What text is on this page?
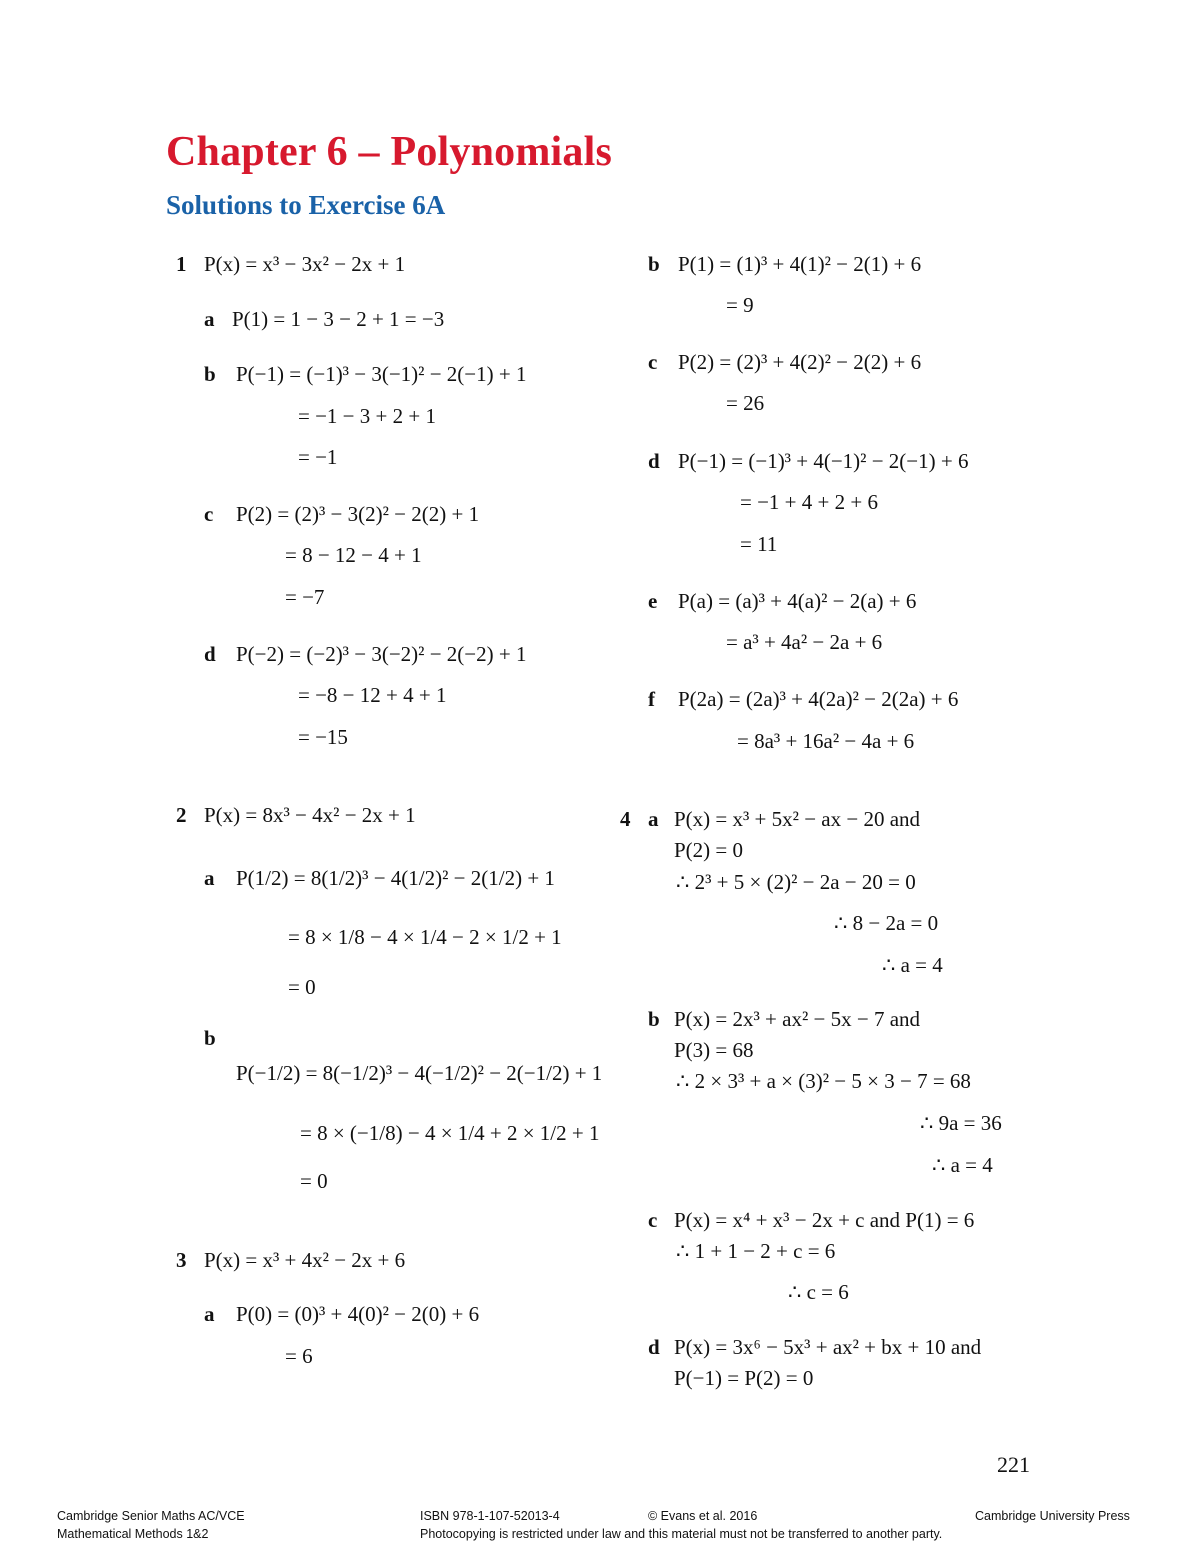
Chapter 6 – Polynomials
Solutions to Exercise 6A
1 P(x) = x³ − 3x² − 2x + 1
a P(1) = 1 − 3 − 2 + 1 = −3
b P(−1) = (−1)³ − 3(−1)² − 2(−1) + 1
= −1 − 3 + 2 + 1
= −1
c P(2) = (2)³ − 3(2)² − 2(2) + 1
= 8 − 12 − 4 + 1
= −7
d P(−2) = (−2)³ − 3(−2)² − 2(−2) + 1
= −8 − 12 + 4 + 1
= −15
2 P(x) = 8x³ − 4x² − 2x + 1
a P(1/2) = 8(1/2)³ − 4(1/2)² − 2(1/2) + 1
= 8 × 1/8 − 4 × 1/4 − 2 × 1/2 + 1
= 0
b
P(−1/2) = 8(−1/2)³ − 4(−1/2)² − 2(−1/2) + 1
= 8 × (−1/8) − 4 × 1/4 + 2 × 1/2 + 1
= 0
3 P(x) = x³ + 4x² − 2x + 6
a P(0) = (0)³ + 4(0)² − 2(0) + 6
= 6
b P(1) = (1)³ + 4(1)² − 2(1) + 6
= 9
c P(2) = (2)³ + 4(2)² − 2(2) + 6
= 26
d P(−1) = (−1)³ + 4(−1)² − 2(−1) + 6
= −1 + 4 + 2 + 6
= 11
e P(a) = (a)³ + 4(a)² − 2(a) + 6
= a³ + 4a² − 2a + 6
f P(2a) = (2a)³ + 4(2a)² − 2(2a) + 6
= 8a³ + 16a² − 4a + 6
4 a P(x) = x³ + 5x² − ax − 20 and
P(2) = 0
∴ 2³ + 5 × (2)² − 2a − 20 = 0
∴ 8 − 2a = 0
∴ a = 4
b P(x) = 2x³ + ax² − 5x − 7 and
P(3) = 68
∴ 2 × 3³ + a × (3)² − 5 × 3 − 7 = 68
∴ 9a = 36
∴ a = 4
c P(x) = x⁴ + x³ − 2x + c and P(1) = 6
∴ 1 + 1 − 2 + c = 6
∴ c = 6
d P(x) = 3x⁶ − 5x³ + ax² + bx + 10 and
P(−1) = P(2) = 0
221
Cambridge Senior Maths AC/VCE
Mathematical Methods 1&2
ISBN 978-1-107-52013-4	© Evans et al. 2016	Cambridge University Press
Photocopying is restricted under law and this material must not be transferred to another party.
